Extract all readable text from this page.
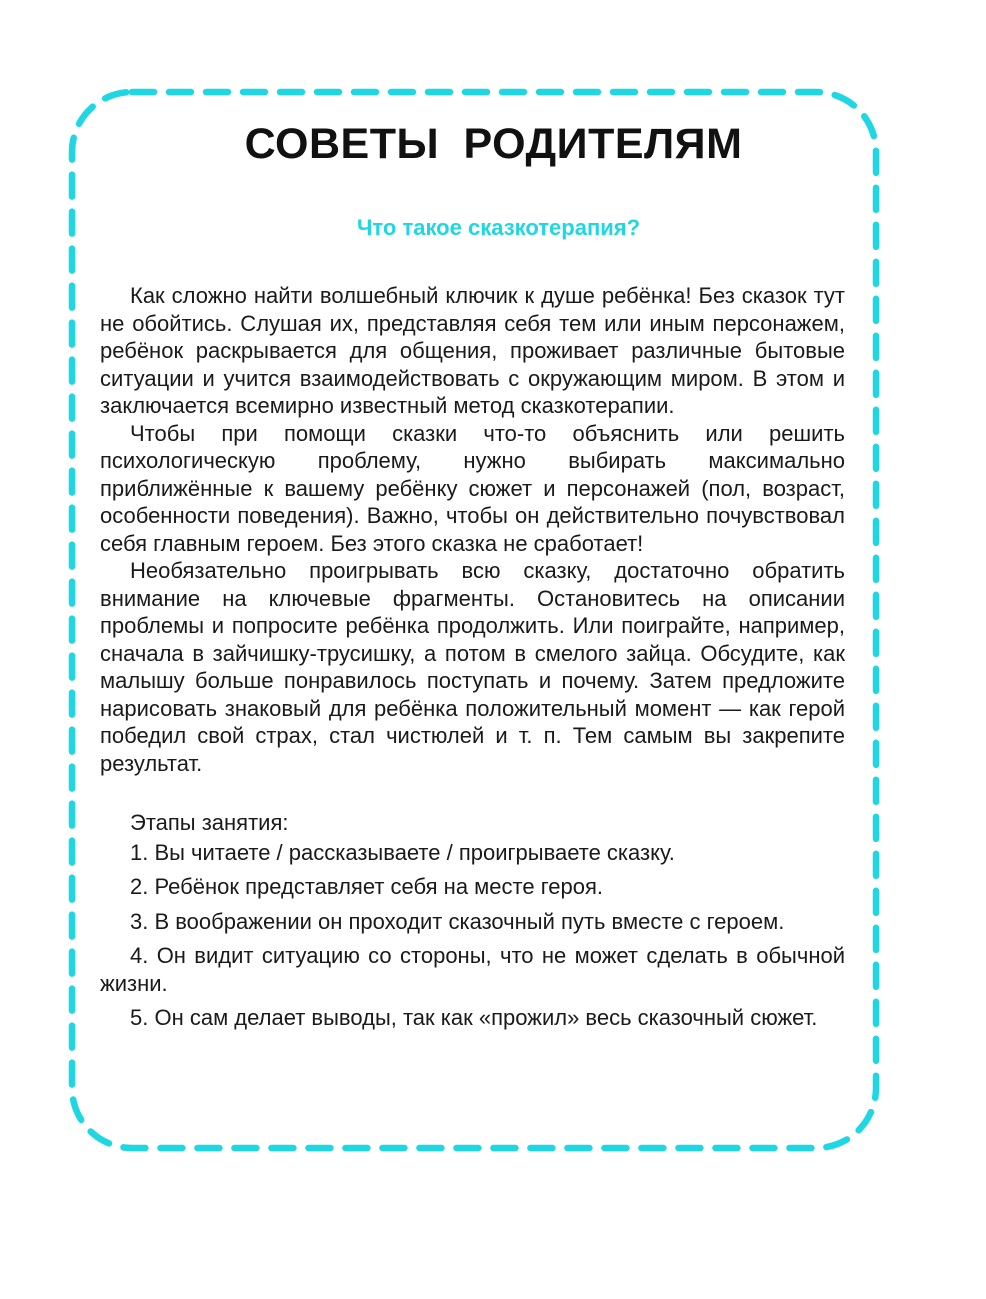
СОВЕТЫ РОДИТЕЛЯМ
Что такое сказкотерапия?

Как сложно найти волшебный ключик к душе ребёнка! Без сказок тут не обойтись. Слушая их, представляя себя тем или иным персонажем, ребёнок раскрывается для общения, проживает различные бытовые ситуации и учится взаимодействовать с окружающим миром. В этом и заключается всемирно известный метод сказкотерапии.

Чтобы при помощи сказки что-то объяснить или решить психологическую проблему, нужно выбирать максимально приближённые к вашему ребёнку сюжет и персонажей (пол, возраст, особенности поведения). Важно, чтобы он действительно почувствовал себя главным героем. Без этого сказка не сработает!

Необязательно проигрывать всю сказку, достаточно обратить внимание на ключевые фрагменты. Остановитесь на описании проблемы и попросите ребёнка продолжить. Или поиграйте, например, сначала в зайчишку-трусишку, а потом в смелого зайца. Обсудите, как малышу больше понравилось поступать и почему. Затем предложите нарисовать знаковый для ребёнка положительный момент — как герой победил свой страх, стал чистюлей и т. п. Тем самым вы закрепите результат.

Этапы занятия:

1. Вы читаете / рассказываете / проигрываете сказку.
2. Ребёнок представляет себя на месте героя.
3. В воображении он проходит сказочный путь вместе с героем.
4. Он видит ситуацию со стороны, что не может сделать в обычной жизни.
5. Он сам делает выводы, так как «прожил» весь сказочный сюжет.
